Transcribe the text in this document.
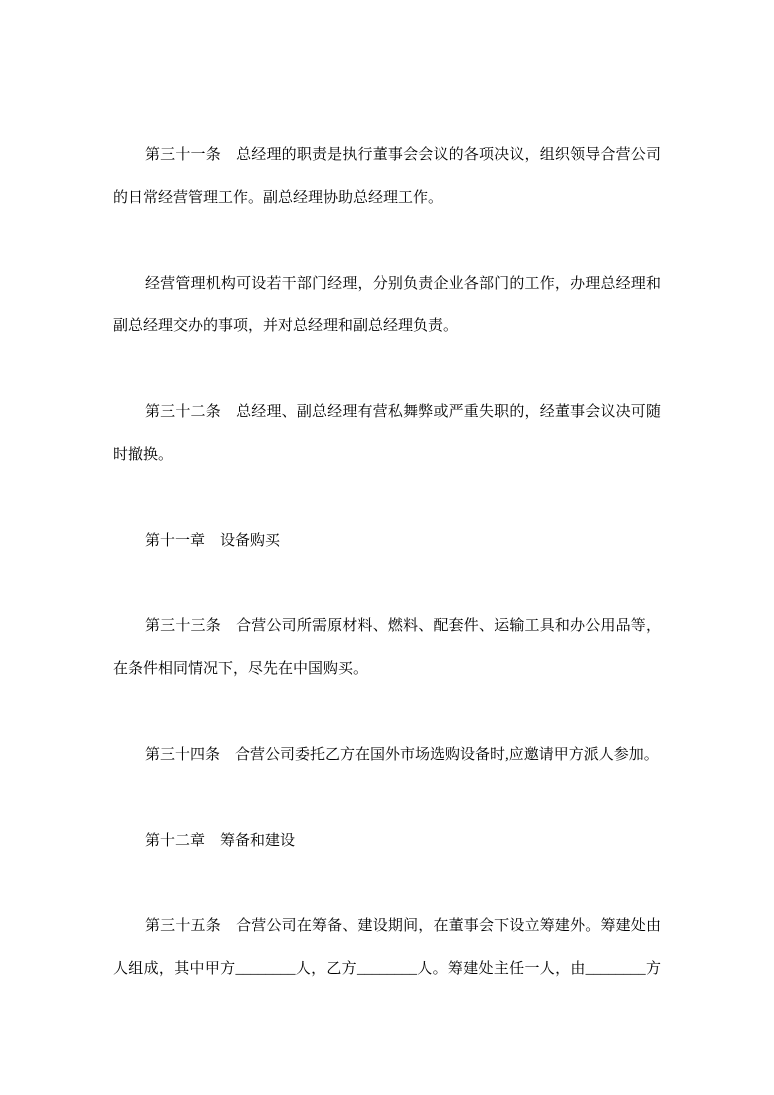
第三十一条　总经理的职责是执行董事会会议的各项决议，组织领导合营公司
的日常经营管理工作。副总经理协助总经理工作。
经营管理机构可设若干部门经理，分别负责企业各部门的工作，办理总经理和
副总经理交办的事项，并对总经理和副总经理负责。
第三十二条　总经理、副总经理有营私舞弊或严重失职的，经董事会议决可随
时撤换。
第十一章　设备购买
第三十三条　合营公司所需原材料、燃料、配套件、运输工具和办公用品等，
在条件相同情况下，尽先在中国购买。
第三十四条　合营公司委托乙方在国外市场选购设备时,应邀请甲方派人参加。
第十二章　筹备和建设
第三十五条　合营公司在筹备、建设期间，在董事会下设立筹建外。筹建处由
人组成，其中甲方________人，乙方________人。筹建处主任一人，由________方
